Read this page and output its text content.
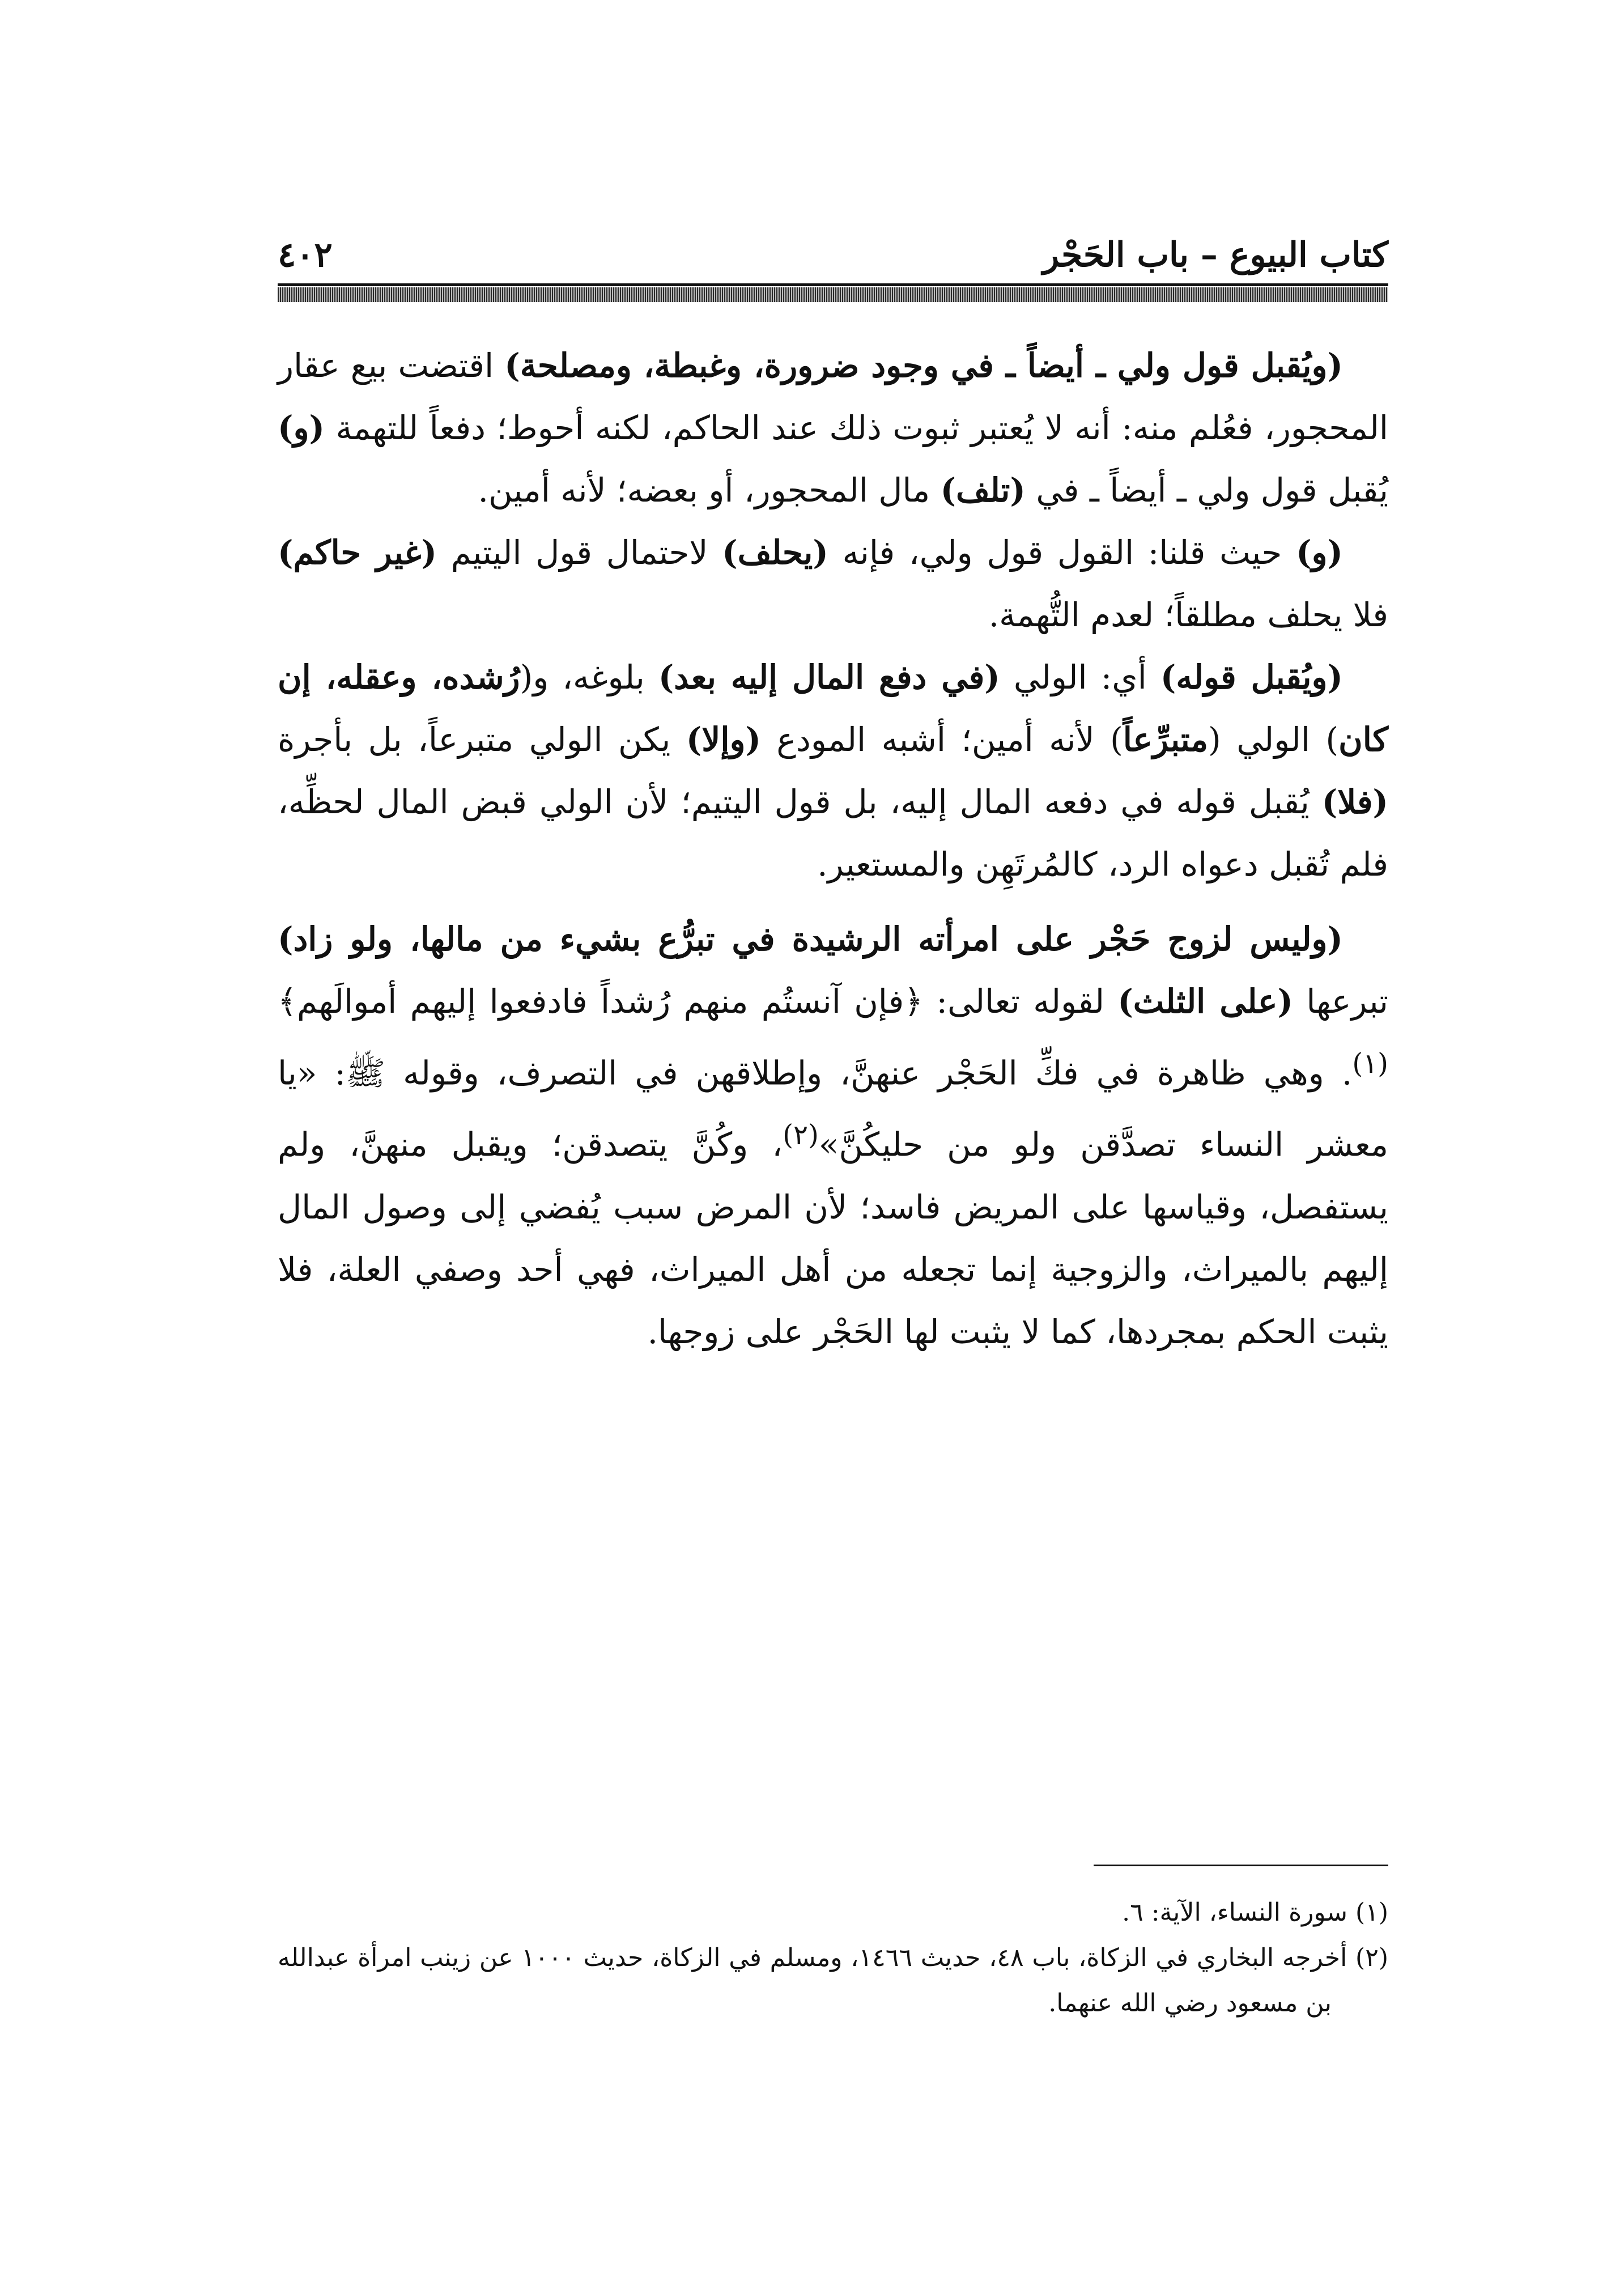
كتاب البيوع – باب الحَجْر
٤٠٢

(ويُقبل قول ولي ـ أيضاً ـ في وجود ضرورة، وغبطة، ومصلحة) اقتضت بيع عقار المحجور، فعُلم منه: أنه لا يُعتبر ثبوت ذلك عند الحاكم، لكنه أحوط؛ دفعاً للتهمة (و) يُقبل قول ولي ـ أيضاً ـ في (تلف) مال المحجور، أو بعضه؛ لأنه أمين.

(و) حيث قلنا: القول قول ولي، فإنه (يحلف) لاحتمال قول اليتيم (غير حاكم) فلا يحلف مطلقاً؛ لعدم التُّهمة.

(ويُقبل قوله) أي: الولي (في دفع المال إليه بعد) بلوغه، و(رُشده، وعقله، إن كان) الولي (متبرِّعاً) لأنه أمين؛ أشبه المودع (وإلا) يكن الولي متبرعاً، بل بأجرة (فلا) يُقبل قوله في دفعه المال إليه، بل قول اليتيم؛ لأن الولي قبض المال لحظِّه، فلم تُقبل دعواه الرد، كالمُرتَهِن والمستعير.

(وليس لزوج حَجْر على امرأته الرشيدة في تبرُّع بشيء من مالها، ولو زاد) تبرعها (على الثلث) لقوله تعالى: ﴿فإن آنستُم منهم رُشداً فادفعوا إليهم أموالَهم﴾$^{(١)}$. وهي ظاهرة في فكِّ الحَجْر عنهنَّ، وإطلاقهن في التصرف، وقوله ﷺ: «يا معشر النساء تصدَّقن ولو من حليكُنَّ»$^{(٢)}$، وكُنَّ يتصدقن؛ ويقبل منهنَّ، ولم يستفصل، وقياسها على المريض فاسد؛ لأن المرض سبب يُفضي إلى وصول المال إليهم بالميراث، والزوجية إنما تجعله من أهل الميراث، فهي أحد وصفي العلة، فلا يثبت الحكم بمجردها، كما لا يثبت لها الحَجْر على زوجها.

(١) سورة النساء، الآية: ٦.

(٢) أخرجه البخاري في الزكاة، باب ٤٨، حديث ١٤٦٦، ومسلم في الزكاة، حديث ١٠٠٠ عن زينب امرأة عبدالله بن مسعود رضي الله عنهما.
